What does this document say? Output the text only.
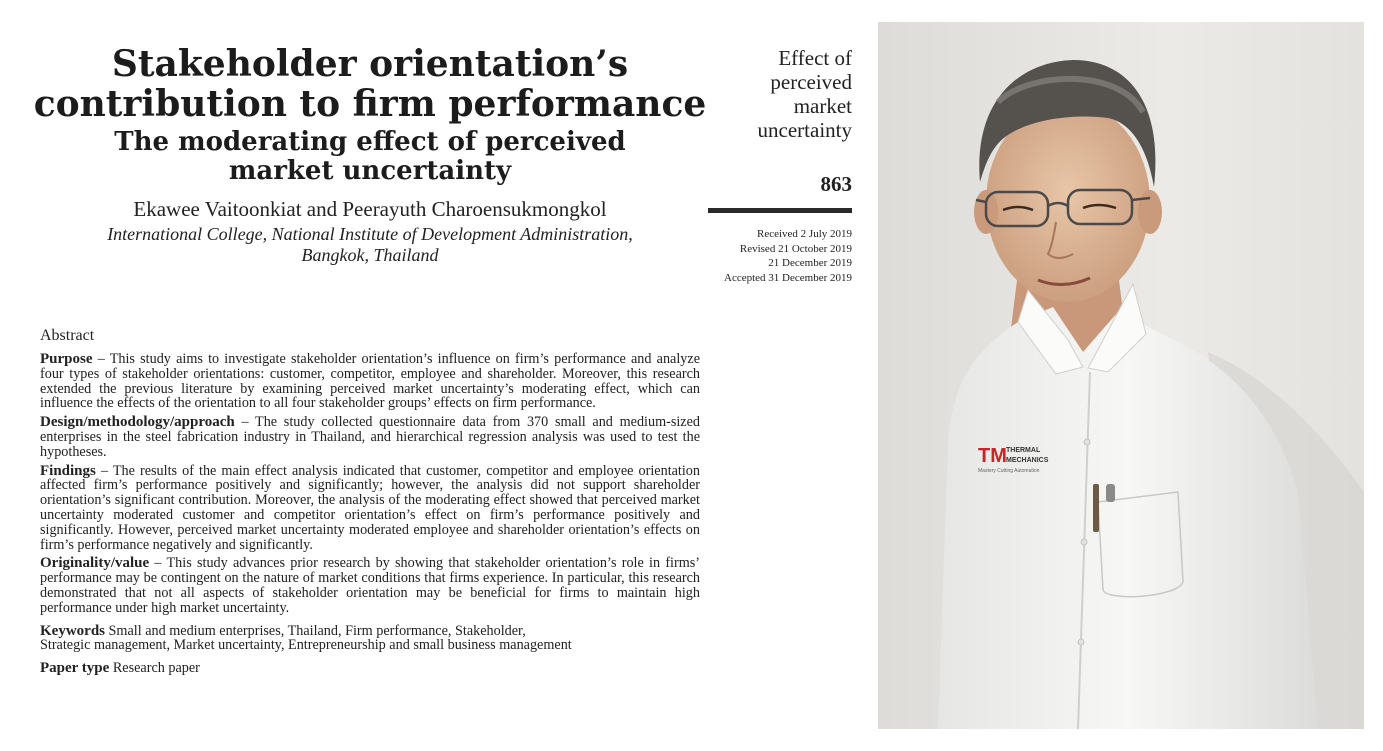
Stakeholder orientation’s
contribution to firm performance
The moderating effect of perceived
market uncertainty
Ekawee Vaitoonkiat and Peerayuth Charoensukmongkol
International College, National Institute of Development Administration,
Bangkok, Thailand
Effect of
perceived
market
uncertainty
863
Received 2 July 2019
Revised 21 October 2019
21 December 2019
Accepted 31 December 2019
Abstract

Purpose – This study aims to investigate stakeholder orientation’s influence on firm’s performance and analyze four types of stakeholder orientations: customer, competitor, employee and shareholder. Moreover, this research extended the previous literature by examining perceived market uncertainty’s moderating effect, which can influence the effects of the orientation to all four stakeholder groups’ effects on firm performance.

Design/methodology/approach – The study collected questionnaire data from 370 small and medium-sized enterprises in the steel fabrication industry in Thailand, and hierarchical regression analysis was used to test the hypotheses.

Findings – The results of the main effect analysis indicated that customer, competitor and employee orientation affected firm’s performance positively and significantly; however, the analysis did not support shareholder orientation’s significant contribution. Moreover, the analysis of the moderating effect showed that perceived market uncertainty moderated customer and competitor orientation’s effect on firm’s performance positively and significantly. However, perceived market uncertainty moderated employee and shareholder orientation’s effects on firm’s performance negatively and significantly.

Originality/value – This study advances prior research by showing that stakeholder orientation’s role in firms’ performance may be contingent on the nature of market conditions that firms experience. In particular, this research demonstrated that not all aspects of stakeholder orientation may be beneficial for firms to maintain high performance under high market uncertainty.

Keywords Small and medium enterprises, Thailand, Firm performance, Stakeholder,
Strategic management, Market uncertainty, Entrepreneurship and small business management
Paper type Research paper
TM THERMAL
MECHANICS
Mastery Cutting Automation
